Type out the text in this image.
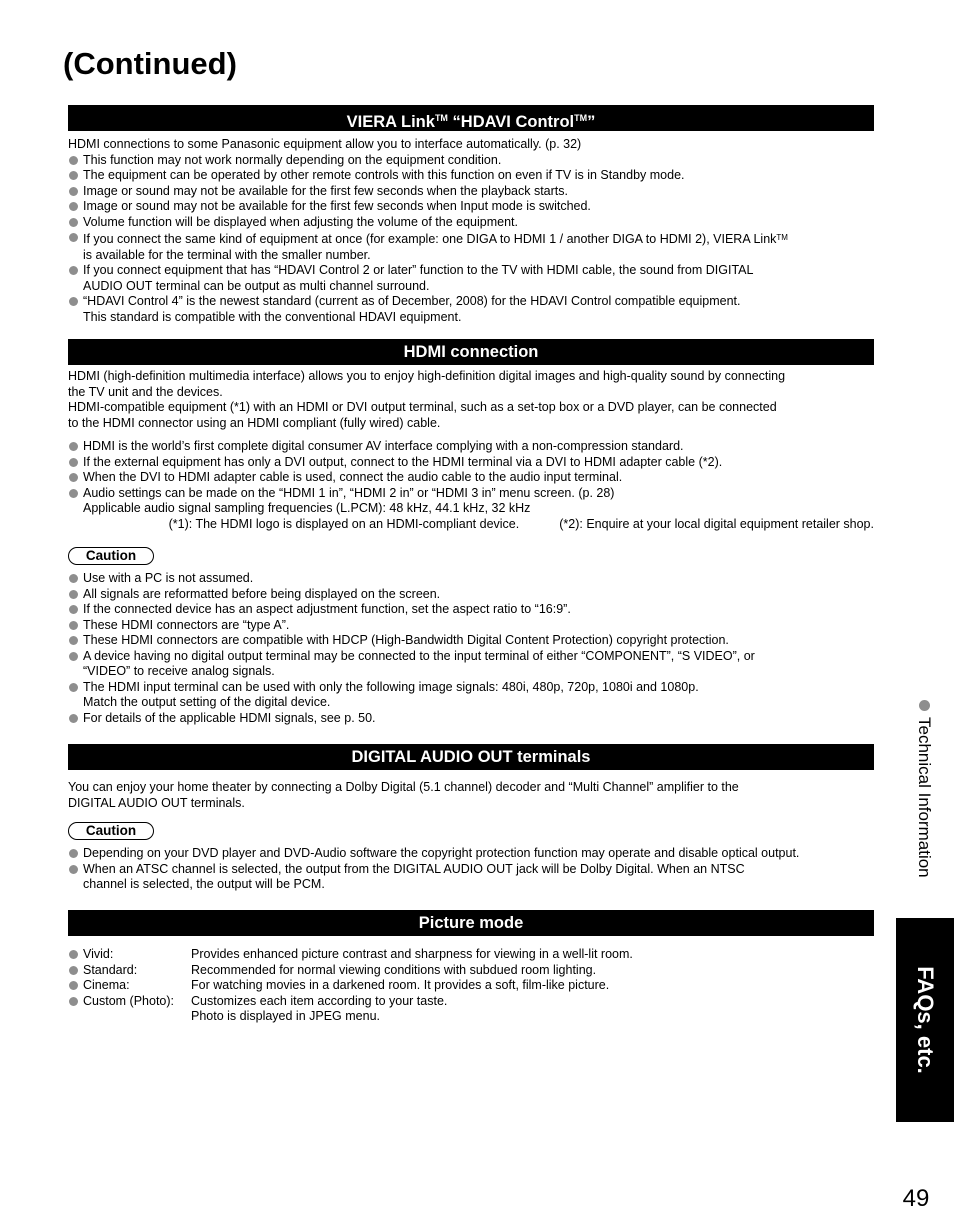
(Continued)
VIERA Link™ “HDAVI Control™”

HDMI connections to some Panasonic equipment allow you to interface automatically. (p. 32)

This function may not work normally depending on the equipment condition.
The equipment can be operated by other remote controls with this function on even if TV is in Standby mode.
Image or sound may not be available for the first few seconds when the playback starts.
Image or sound may not be available for the first few seconds when Input mode is switched.
Volume function will be displayed when adjusting the volume of the equipment.
If you connect the same kind of equipment at once (for example: one DIGA to HDMI 1 / another DIGA to HDMI 2), VIERA Link™
is available for the terminal with the smaller number.
If you connect equipment that has “HDAVI Control 2 or later” function to the TV with HDMI cable, the sound from DIGITAL
AUDIO OUT terminal can be output as multi channel surround.
“HDAVI Control 4” is the newest standard (current as of December, 2008) for the HDAVI Control compatible equipment.
This standard is compatible with the conventional HDAVI equipment.
HDMI connection

HDMI (high-definition multimedia interface) allows you to enjoy high-definition digital images and high-quality sound by connecting
the TV unit and the devices.

HDMI-compatible equipment (*1) with an HDMI or DVI output terminal, such as a set-top box or a DVD player, can be connected
to the HDMI connector using an HDMI compliant (fully wired) cable.

HDMI is the world’s first complete digital consumer AV interface complying with a non-compression standard.
If the external equipment has only a DVI output, connect to the HDMI terminal via a DVI to HDMI adapter cable (*2).
When the DVI to HDMI adapter cable is used, connect the audio cable to the audio input terminal.
Audio settings can be made on the “HDMI 1 in”, “HDMI 2 in” or “HDMI 3 in” menu screen. (p. 28)
Applicable audio signal sampling frequencies (L.PCM): 48 kHz, 44.1 kHz, 32 kHz
(*1): The HDMI logo is displayed on an HDMI-compliant device.	(*2): Enquire at your local digital equipment retailer shop.
Caution
Use with a PC is not assumed.
All signals are reformatted before being displayed on the screen.
If the connected device has an aspect adjustment function, set the aspect ratio to “16:9”.
These HDMI connectors are “type A”.
These HDMI connectors are compatible with HDCP (High-Bandwidth Digital Content Protection) copyright protection.
A device having no digital output terminal may be connected to the input terminal of either “COMPONENT”, “S VIDEO”, or
“VIDEO” to receive analog signals.
The HDMI input terminal can be used with only the following image signals: 480i, 480p, 720p, 1080i and 1080p.
Match the output setting of the digital device.
For details of the applicable HDMI signals, see p. 50.
DIGITAL AUDIO OUT terminals

You can enjoy your home theater by connecting a Dolby Digital (5.1 channel) decoder and “Multi Channel” amplifier to the
DIGITAL AUDIO OUT terminals.

Caution
Depending on your DVD player and DVD-Audio software the copyright protection function may operate and disable optical output.
When an ATSC channel is selected, the output from the DIGITAL AUDIO OUT jack will be Dolby Digital. When an NTSC
channel is selected, the output will be PCM.
Picture mode
Vivid:	Provides enhanced picture contrast and sharpness for viewing in a well-lit room.
Standard:	Recommended for normal viewing conditions with subdued room lighting.
Cinema:	For watching movies in a darkened room. It provides a soft, film-like picture.
Custom (Photo): Customizes each item according to your taste.
Photo is displayed in JPEG menu.
Technical Information
FAQs, etc.
49
